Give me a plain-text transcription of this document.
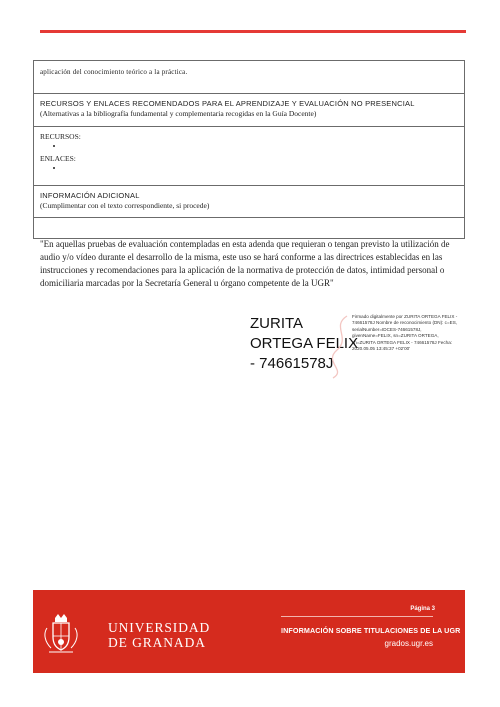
aplicación del conocimiento teórico a la práctica.

RECURSOS Y ENLACES RECOMENDADOS PARA EL APRENDIZAJE Y EVALUACIÓN NO PRESENCIAL
(Alternativas a la bibliografía fundamental y complementaria recogidas en la Guía Docente)

RECURSOS:
•
ENLACES:
•

INFORMACIÓN ADICIONAL
(Cumplimentar con el texto correspondiente, si procede)

"En aquellas pruebas de evaluación contempladas en esta adenda que requieran o tengan previsto la utilización de audio y/o vídeo durante el desarrollo de la misma, este uso se hará conforme a las directrices establecidas en las instrucciones y recomendaciones para la aplicación de la normativa de protección de datos, intimidad personal o domiciliaria marcadas por la Secretaría General u órgano competente de la UGR"
ZURITA
ORTEGA FELIX
- 74661578J
Firmado digitalmente por ZURITA ORTEGA FELIX - 74661578J Nombre de reconocimiento (DN): c=ES, serialNumber=IDCES-74661578J, givenName=FELIX, sn=ZURITA ORTEGA, cn=ZURITA ORTEGA FELIX - 74661578J Fecha: 2020.05.05 13:45:37 +02'00'
UNIVERSIDAD
DE GRANADA
Página 3
INFORMACIÓN SOBRE TITULACIONES DE LA UGR
grados.ugr.es
